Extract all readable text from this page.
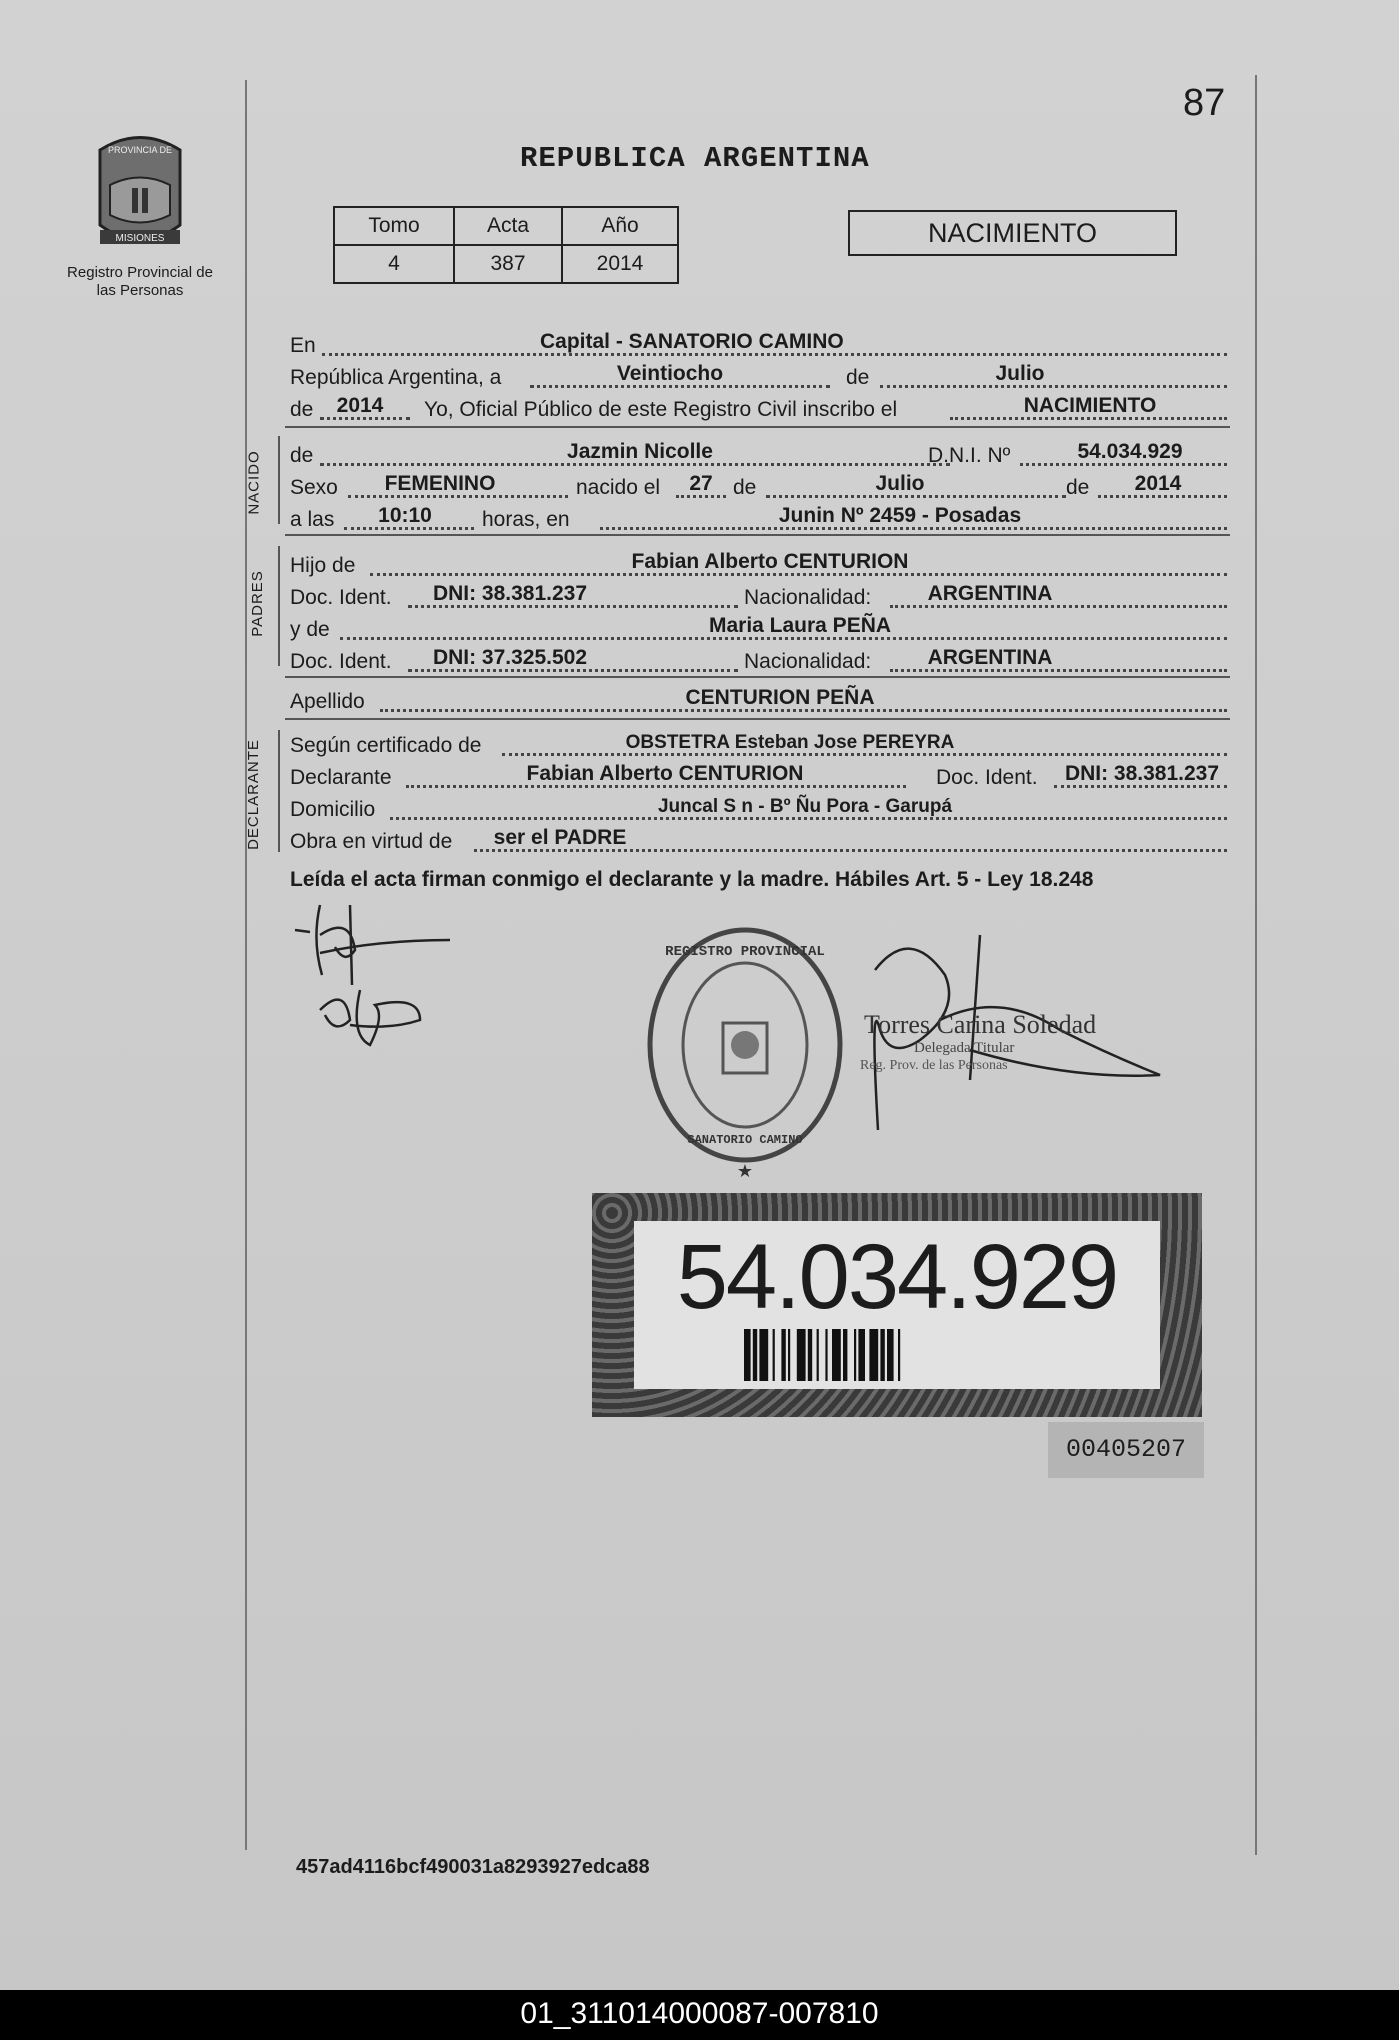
87
PROVINCIA DE
MISIONES
Registro Provincial de las Personas
REPUBLICA ARGENTINA
Tomo	Acta	Año
4	387	2014
NACIMIENTO
En	Capital - SANATORIO CAMINO
República Argentina, a	Veintiocho	de	Julio
de	2014	Yo, Oficial Público de este Registro Civil inscribo el	NACIMIENTO
NACIDO de	Jazmin Nicolle	D.N.I. Nº	54.034.929
Sexo	FEMENINO	nacido el	27 de	Julio	de	2014
a las	10:10	horas, en	Junin Nº 2459 - Posadas
PADRES
Hijo de	Fabian Alberto CENTURION
Doc. Ident.	DNI: 38.381.237	Nacionalidad:	ARGENTINA
y de	Maria Laura PEÑA
Doc. Ident.	DNI: 37.325.502	Nacionalidad:	ARGENTINA
Apellido	CENTURION PEÑA
DECLARANTE Según certificado de	OBSTETRA Esteban Jose PEREYRA
Declarante	Fabian Alberto CENTURION	Doc. Ident.	DNI: 38.381.237
Domicilio	Juncal S n - Bº Ñu Pora - Garupá
Obra en virtud de ser el PADRE
Leída el acta firman conmigo el declarante y la madre. Hábiles Art. 5 - Ley 18.248
REGISTRO PROVINCIAL
SANATORIO CAMINO
★
Torres Carina Soledad
Delegada Titular
Reg. Prov. de las Personas
54.034.929
00405207
457ad4116bcf490031a8293927edca88
01_311014000087-007810
